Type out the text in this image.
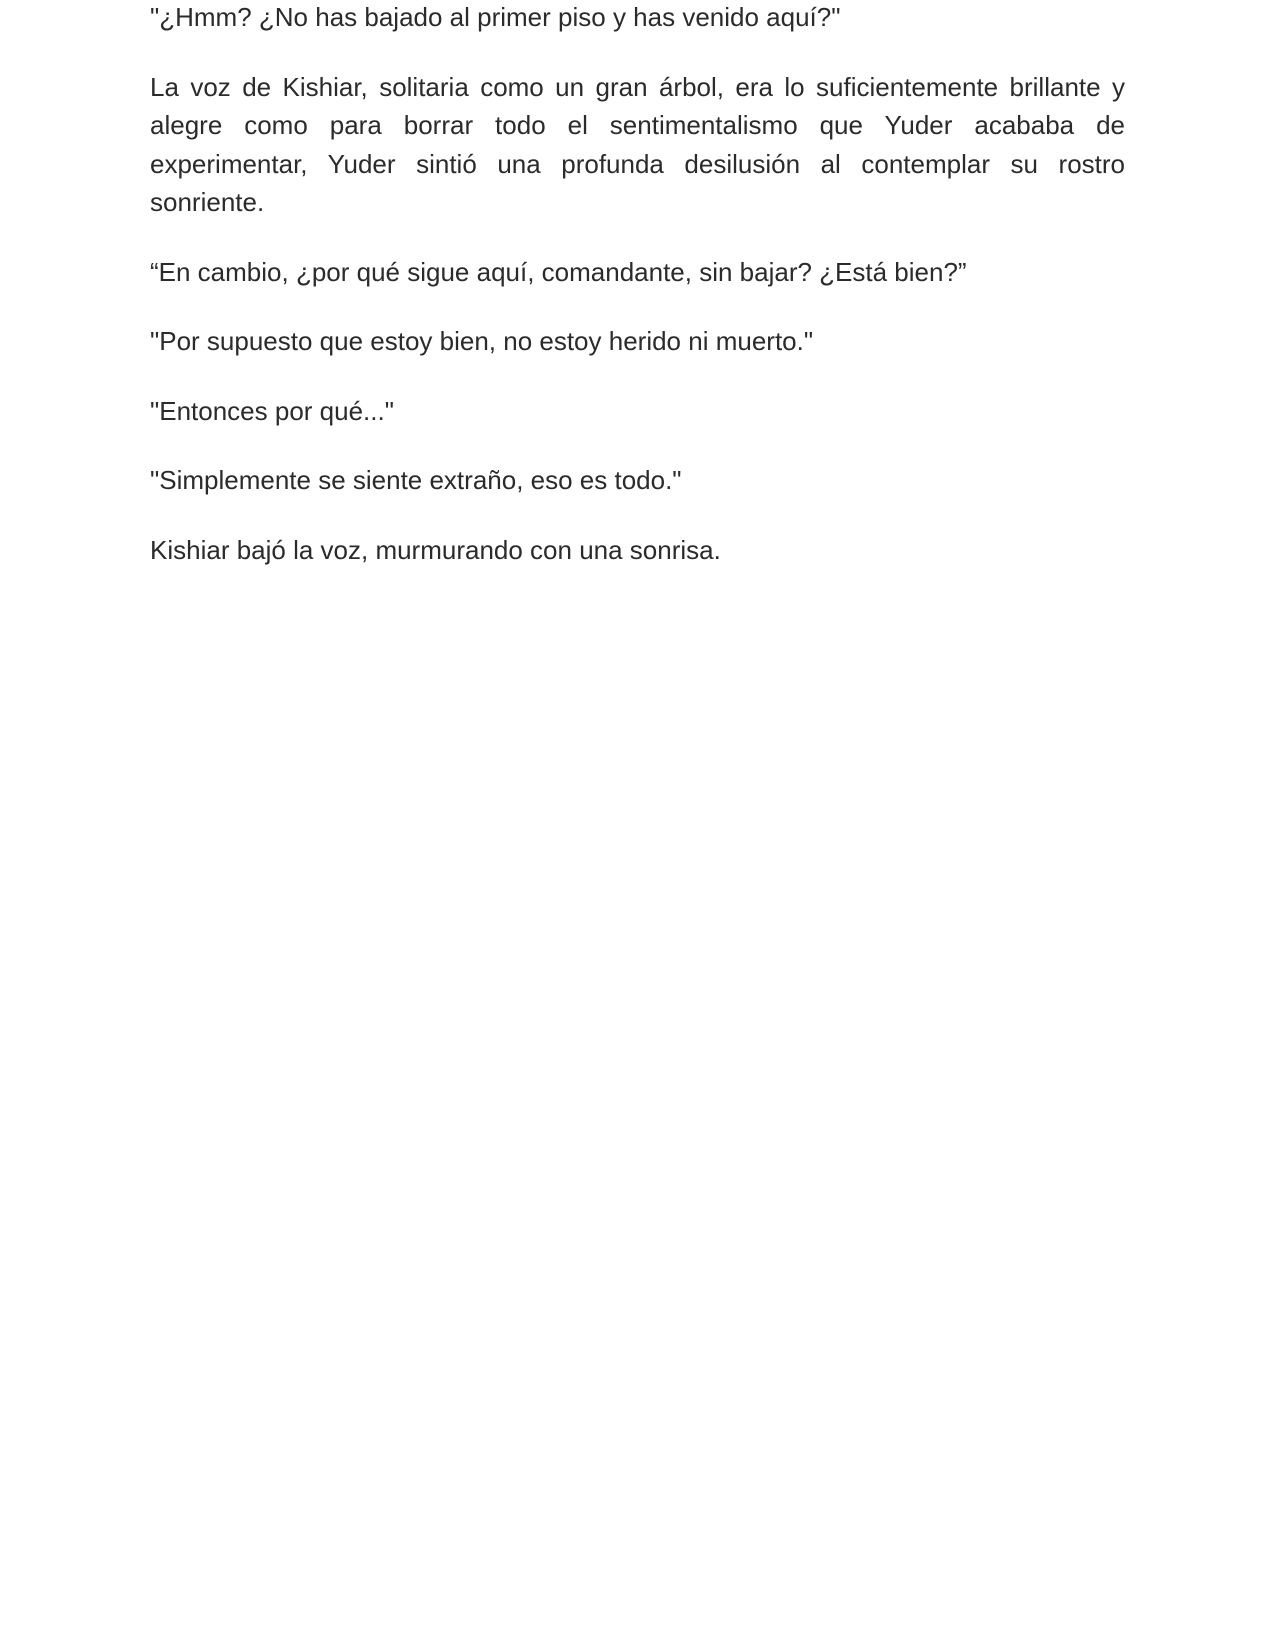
"¿Hmm? ¿No has bajado al primer piso y has venido aquí?"

La voz de Kishiar, solitaria como un gran árbol, era lo suficientemente brillante y alegre como para borrar todo el sentimentalismo que Yuder acababa de experimentar, Yuder sintió una profunda desilusión al contemplar su rostro sonriente.

“En cambio, ¿por qué sigue aquí, comandante, sin bajar? ¿Está bien?”

"Por supuesto que estoy bien, no estoy herido ni muerto."

"Entonces por qué..."

"Simplemente se siente extraño, eso es todo."

Kishiar bajó la voz, murmurando con una sonrisa.
